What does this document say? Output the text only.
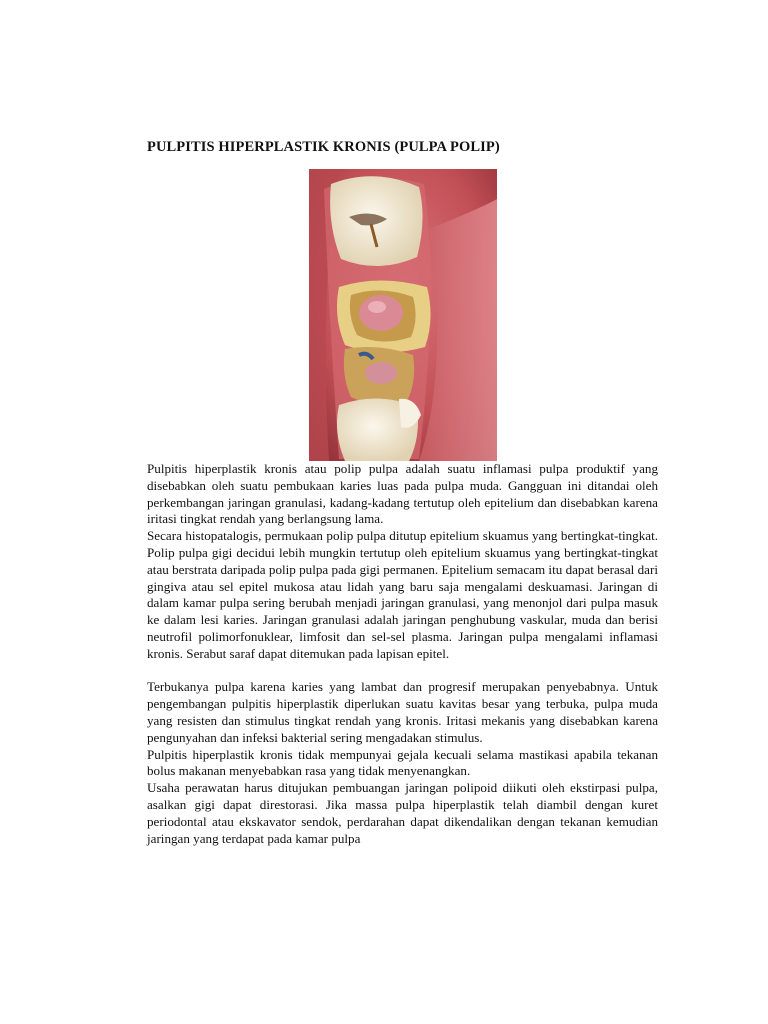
PULPITIS HIPERPLASTIK KRONIS (PULPA POLIP)

Pulpitis hiperplastik kronis atau polip pulpa adalah suatu inflamasi pulpa produktif yang disebabkan oleh suatu pembukaan karies luas pada pulpa muda. Gangguan ini ditandai oleh perkembangan jaringan granulasi, kadang-kadang tertutup oleh epitelium dan disebabkan karena iritasi tingkat rendah yang berlangsung lama.

Secara histopatalogis, permukaan polip pulpa ditutup epitelium skuamus yang bertingkat-tingkat. Polip pulpa gigi decidui lebih mungkin tertutup oleh epitelium skuamus yang bertingkat-tingkat atau berstrata daripada polip pulpa pada gigi permanen. Epitelium semacam itu dapat berasal dari gingiva atau sel epitel mukosa atau lidah yang baru saja mengalami deskuamasi. Jaringan di dalam kamar pulpa sering berubah menjadi jaringan granulasi, yang menonjol dari pulpa masuk ke dalam lesi karies. Jaringan granulasi adalah jaringan penghubung vaskular, muda dan berisi neutrofil polimorfonuklear, limfosit dan sel-sel plasma. Jaringan pulpa mengalami inflamasi kronis. Serabut saraf dapat ditemukan pada lapisan epitel.

Terbukanya pulpa karena karies yang lambat dan progresif merupakan penyebabnya. Untuk pengembangan pulpitis hiperplastik diperlukan suatu kavitas besar yang terbuka, pulpa muda yang resisten dan stimulus tingkat rendah yang kronis. Iritasi mekanis yang disebabkan karena pengunyahan dan infeksi bakterial sering mengadakan stimulus.

Pulpitis hiperplastik kronis tidak mempunyai gejala kecuali selama mastikasi apabila tekanan bolus makanan menyebabkan rasa yang tidak menyenangkan.

Usaha perawatan harus ditujukan pembuangan jaringan polipoid diikuti oleh ekstirpasi pulpa, asalkan gigi dapat direstorasi. Jika massa pulpa hiperplastik telah diambil dengan kuret periodontal atau ekskavator sendok, perdarahan dapat dikendalikan dengan tekanan kemudian jaringan yang terdapat pada kamar pulpa
